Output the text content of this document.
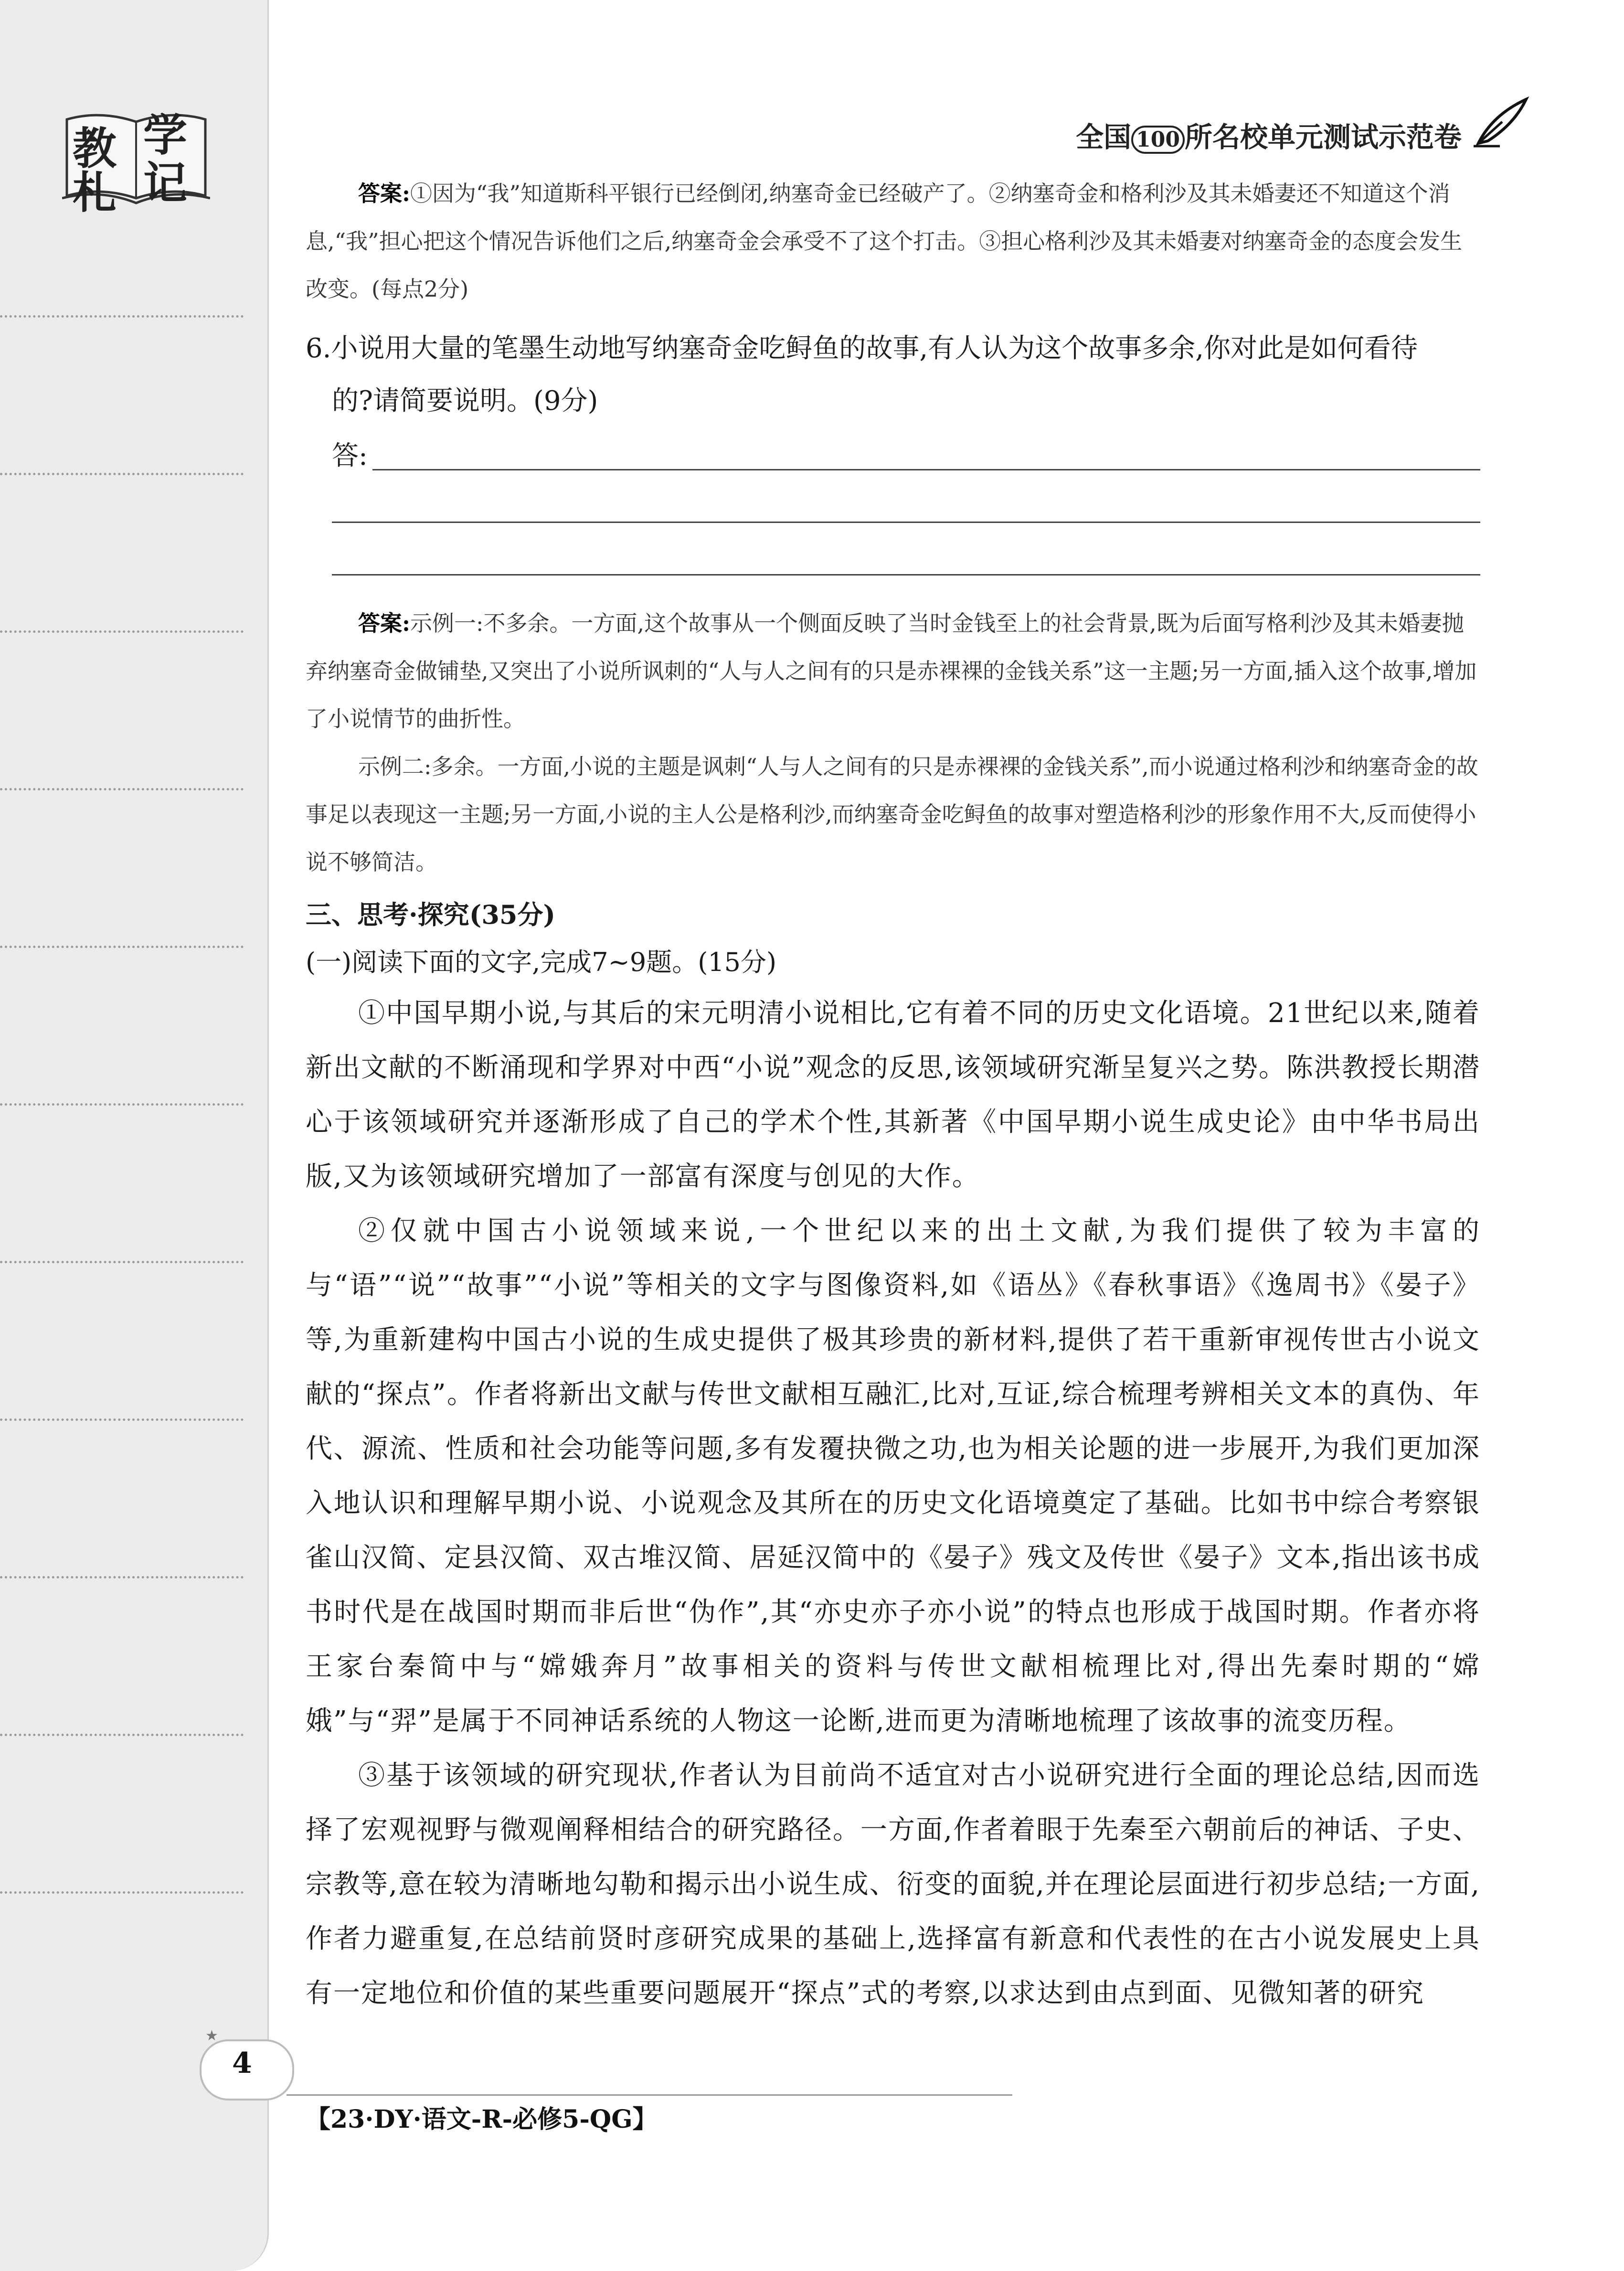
教 学
札 记
全国 100 所名校单元测试示范卷

答案:①因为“我”知道斯科平银行已经倒闭,纳塞奇金已经破产了。②纳塞奇金和格利沙及其未婚妻还不知道这个消息,“我”担心把这个情况告诉他们之后,纳塞奇金会承受不了这个打击。③担心格利沙及其未婚妻对纳塞奇金的态度会发生改变。(每点2分)

6.小说用大量的笔墨生动地写纳塞奇金吃鲟鱼的故事,有人认为这个故事多余,你对此是如何看待
的?请简要说明。(9分)
答:

答案:示例一:不多余。一方面,这个故事从一个侧面反映了当时金钱至上的社会背景,既为后面写格利沙及其未婚妻抛弃纳塞奇金做铺垫,又突出了小说所讽刺的“人与人之间有的只是赤裸裸的金钱关系”这一主题;另一方面,插入这个故事,增加了小说情节的曲折性。

示例二:多余。一方面,小说的主题是讽刺“人与人之间有的只是赤裸裸的金钱关系”,而小说通过格利沙和纳塞奇金的故事足以表现这一主题;另一方面,小说的主人公是格利沙,而纳塞奇金吃鲟鱼的故事对塑造格利沙的形象作用不大,反而使得小说不够简洁。

三、思考·探究(35分)
(一)阅读下面的文字,完成7~9题。(15分)

①中国早期小说,与其后的宋元明清小说相比,它有着不同的历史文化语境。21世纪以来,随着新出文献的不断涌现和学界对中西“小说”观念的反思,该领域研究渐呈复兴之势。陈洪教授长期潜心于该领域研究并逐渐形成了自己的学术个性,其新著《中国早期小说生成史论》由中华书局出版,又为该领域研究增加了一部富有深度与创见的大作。

②仅就中国古小说领域来说,一个世纪以来的出土文献,为我们提供了较为丰富的与“语”“说”“故事”“小说”等相关的文字与图像资料,如《语丛》《春秋事语》《逸周书》《晏子》等,为重新建构中国古小说的生成史提供了极其珍贵的新材料,提供了若干重新审视传世古小说文献的“探点”。作者将新出文献与传世文献相互融汇,比对,互证,综合梳理考辨相关文本的真伪、年代、源流、性质和社会功能等问题,多有发覆抉微之功,也为相关论题的进一步展开,为我们更加深入地认识和理解早期小说、小说观念及其所在的历史文化语境奠定了基础。比如书中综合考察银雀山汉简、定县汉简、双古堆汉简、居延汉简中的《晏子》残文及传世《晏子》文本,指出该书成书时代是在战国时期而非后世“伪作”,其“亦史亦子亦小说”的特点也形成于战国时期。作者亦将王家台秦简中与“嫦娥奔月”故事相关的资料与传世文献相梳理比对,得出先秦时期的“嫦娥”与“羿”是属于不同神话系统的人物这一论断,进而更为清晰地梳理了该故事的流变历程。

③基于该领域的研究现状,作者认为目前尚不适宜对古小说研究进行全面的理论总结,因而选择了宏观视野与微观阐释相结合的研究路径。一方面,作者着眼于先秦至六朝前后的神话、子史、宗教等,意在较为清晰地勾勒和揭示出小说生成、衍变的面貌,并在理论层面进行初步总结;一方面,作者力避重复,在总结前贤时彦研究成果的基础上,选择富有新意和代表性的在古小说发展史上具有一定地位和价值的某些重要问题展开“探点”式的考察,以求达到由点到面、见微知著的研究

★
4
【23·DY·语文-R-必修5-QG】
